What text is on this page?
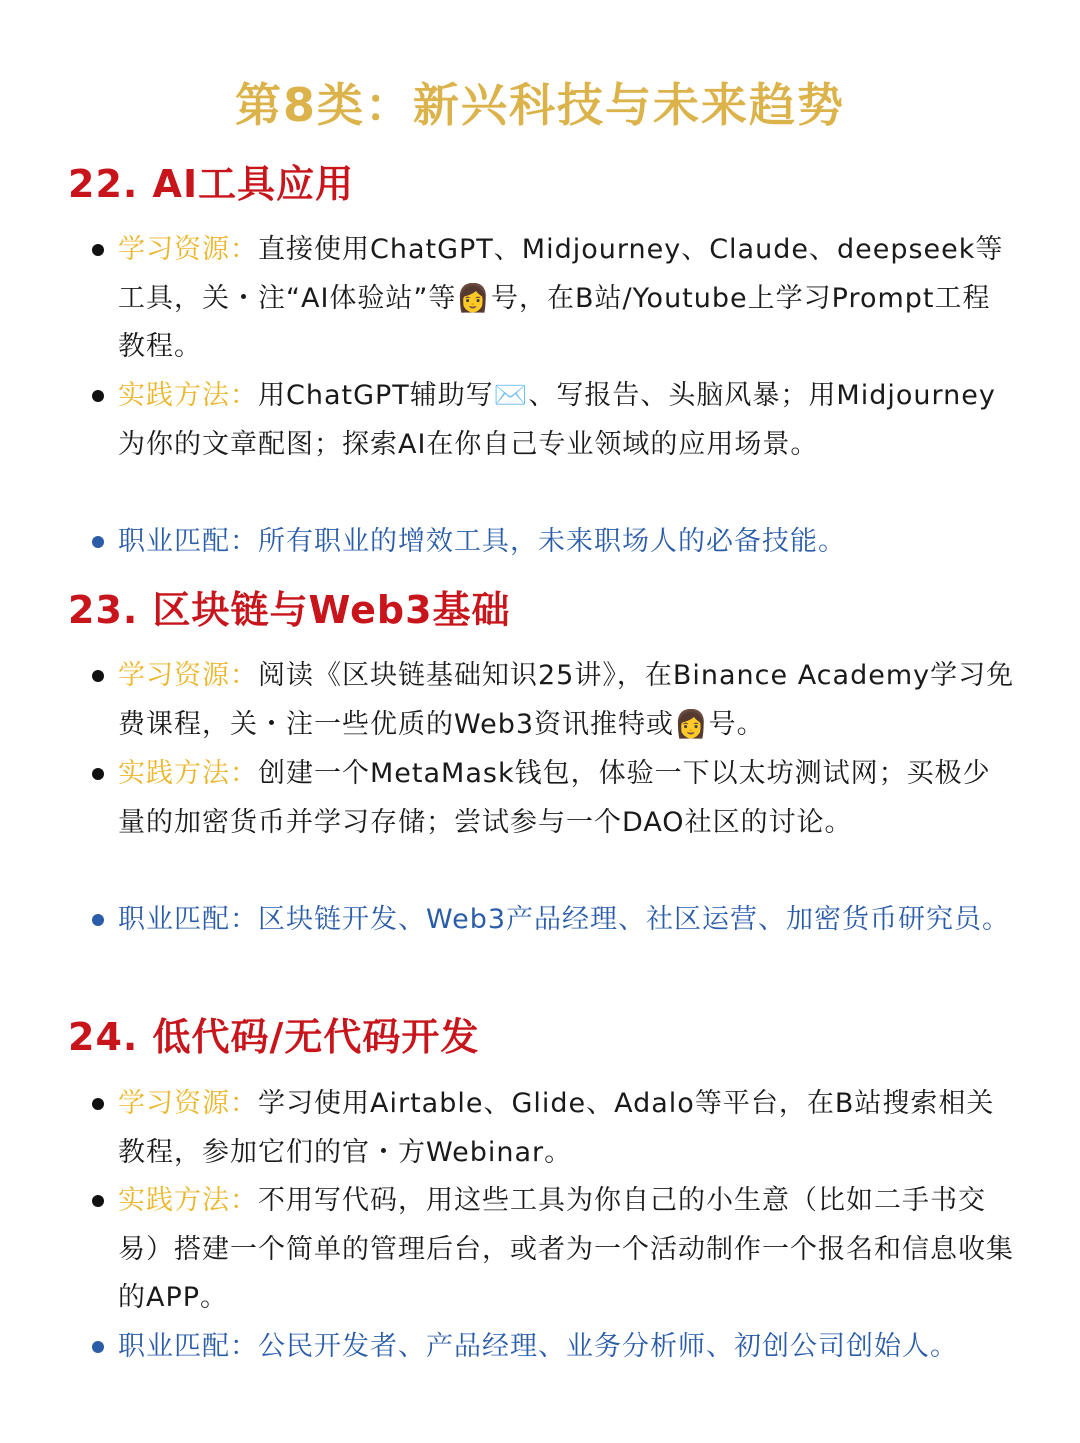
第8类：新兴科技与未来趋势
22. AI工具应用

学习资源：直接使用ChatGPT、Midjourney、Claude、deepseek等工具，关・注“AI体验站”等👩号，在B站/Youtube上学习Prompt工程教程。

实践方法：用ChatGPT辅助写✉️、写报告、头脑风暴；用Midjourney为你的文章配图；探索AI在你自己专业领域的应用场景。

职业匹配：所有职业的增效工具，未来职场人的必备技能。

23. 区块链与Web3基础

学习资源：阅读《区块链基础知识25讲》，在Binance Academy学习免费课程，关・注一些优质的Web3资讯推特或👩号。

实践方法：创建一个MetaMask钱包，体验一下以太坊测试网；买极少量的加密货币并学习存储；尝试参与一个DAO社区的讨论。

职业匹配：区块链开发、Web3产品经理、社区运营、加密货币研究员。

24. 低代码/无代码开发

学习资源：学习使用Airtable、Glide、Adalo等平台，在B站搜索相关教程，参加它们的官・方Webinar。

实践方法：不用写代码，用这些工具为你自己的小生意（比如二手书交易）搭建一个简单的管理后台，或者为一个活动制作一个报名和信息收集的APP。

职业匹配：公民开发者、产品经理、业务分析师、初创公司创始人。
